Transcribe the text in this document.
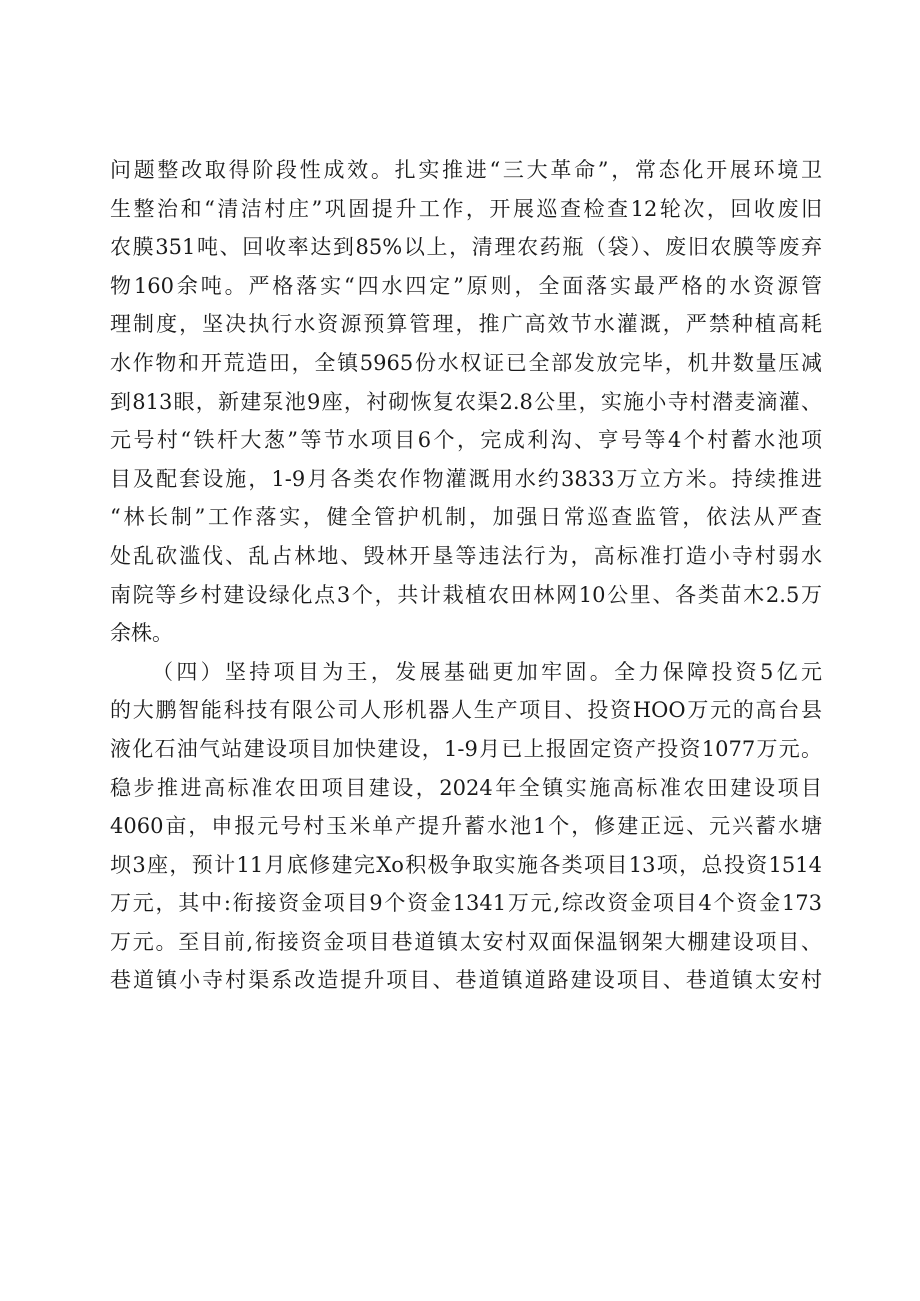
问题整改取得阶段性成效。扎实推进“三大革命”，常态化开展环境卫
生整治和“清洁村庄”巩固提升工作，开展巡查检查12轮次，回收废旧
农膜351吨、回收率达到85%以上，清理农药瓶（袋）、废旧农膜等废弃
物160余吨。严格落实“四水四定”原则，全面落实最严格的水资源管
理制度，坚决执行水资源预算管理，推广高效节水灌溉，严禁种植高耗
水作物和开荒造田，全镇5965份水权证已全部发放完毕，机井数量压减
到813眼，新建泵池9座，衬砌恢复农渠2.8公里，实施小寺村潜麦滴灌、
元号村“铁杆大葱”等节水项目6个，完成利沟、亨号等4个村蓄水池项
目及配套设施，1-9月各类农作物灌溉用水约3833万立方米。持续推进
“林长制”工作落实，健全管护机制，加强日常巡查监管，依法从严查
处乱砍滥伐、乱占林地、毁林开垦等违法行为，高标准打造小寺村弱水
南院等乡村建设绿化点3个，共计栽植农田林网10公里、各类苗木2.5万
余株。
（四）坚持项目为王，发展基础更加牢固。全力保障投资5亿元
的大鹏智能科技有限公司人形机器人生产项目、投资HOO万元的高台县
液化石油气站建设项目加快建设，1-9月已上报固定资产投资1077万元。
稳步推进高标准农田项目建设，2024年全镇实施高标准农田建设项目
4060亩，申报元号村玉米单产提升蓄水池1个，修建正远、元兴蓄水塘
坝3座，预计11月底修建完Xo积极争取实施各类项目13项，总投资1514
万元，其中:衔接资金项目9个资金1341万元,综改资金项目4个资金173
万元。至目前,衔接资金项目巷道镇太安村双面保温钢架大棚建设项目、
巷道镇小寺村渠系改造提升项目、巷道镇道路建设项目、巷道镇太安村
